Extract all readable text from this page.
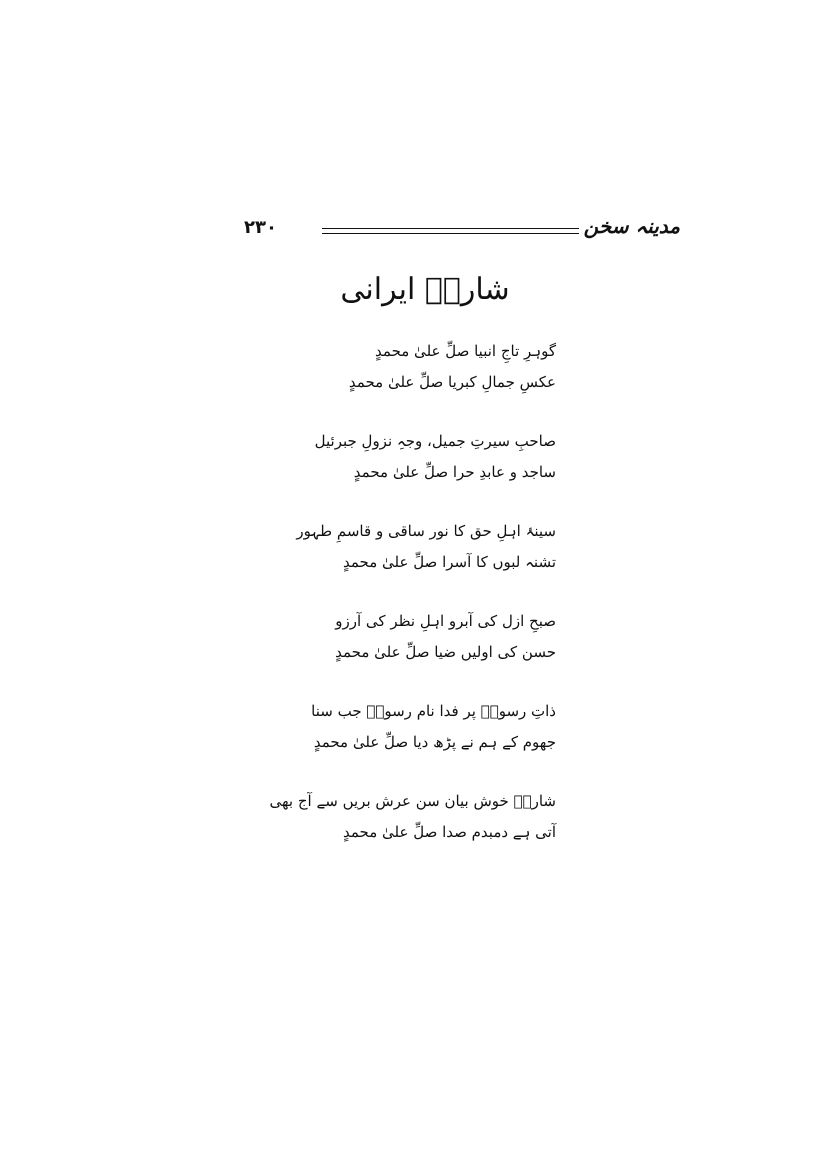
۲۳۰	مدینہ سخن
شارقؔ ایرانی
گوہرِ تاجِ انبیا صلِّ علیٰ محمدٍ
عکسِ جمالِ کبریا صلِّ علیٰ محمدٍ
صاحبِ سیرتِ جمیل، وجہِ نزولِ جبرئیل
ساجد و عابدِ حرا صلِّ علیٰ محمدٍ
سینۂ اہلِ حق کا نور ساقی و قاسمِ طہور
تشنہ لبوں کا آسرا صلِّ علیٰ محمدٍ
صبحِ ازل کی آبرو اہلِ نظر کی آرزو
حسن کی اولیں ضیا صلِّ علیٰ محمدٍ
ذاتِ رسولؐ پر فدا نام رسولؐ جب سنا
جھوم کے ہم نے پڑھ دیا صلِّ علیٰ محمدٍ
شارقؔ خوش بیان سن عرش بریں سے آج بھی
آتی ہے دمبدم صدا صلِّ علیٰ محمدٍ
